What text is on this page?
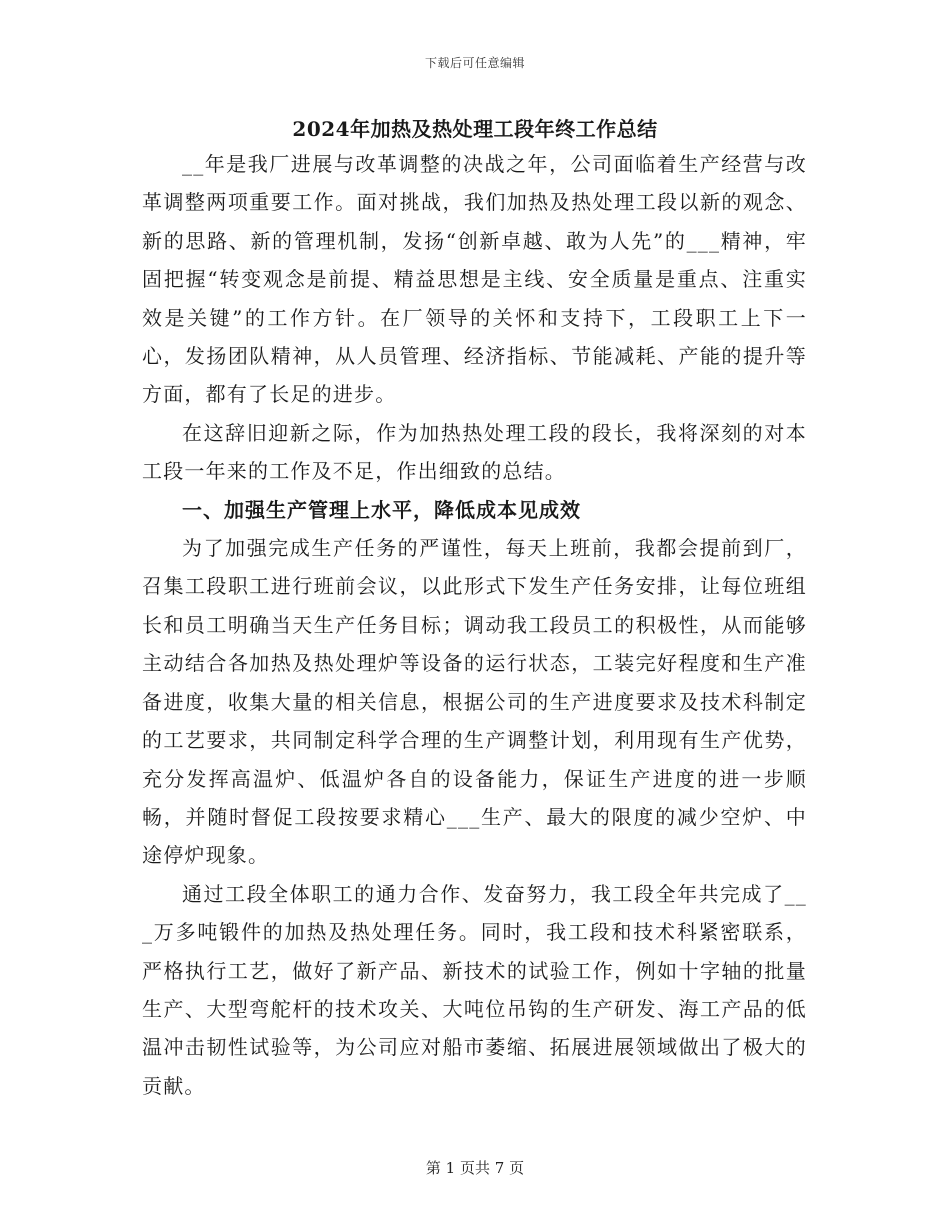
下载后可任意编辑
2024年加热及热处理工段年终工作总结

__年是我厂进展与改革调整的决战之年，公司面临着生产经营与改革调整两项重要工作。面对挑战，我们加热及热处理工段以新的观念、新的思路、新的管理机制，发扬“创新卓越、敢为人先”的___精神，牢固把握“转变观念是前提、精益思想是主线、安全质量是重点、注重实效是关键”的工作方针。在厂领导的关怀和支持下，工段职工上下一心，发扬团队精神，从人员管理、经济指标、节能减耗、产能的提升等方面，都有了长足的进步。

在这辞旧迎新之际，作为加热热处理工段的段长，我将深刻的对本工段一年来的工作及不足，作出细致的总结。

一、加强生产管理上水平，降低成本见成效

为了加强完成生产任务的严谨性，每天上班前，我都会提前到厂，召集工段职工进行班前会议，以此形式下发生产任务安排，让每位班组长和员工明确当天生产任务目标；调动我工段员工的积极性，从而能够主动结合各加热及热处理炉等设备的运行状态，工装完好程度和生产准备进度，收集大量的相关信息，根据公司的生产进度要求及技术科制定的工艺要求，共同制定科学合理的生产调整计划，利用现有生产优势，充分发挥高温炉、低温炉各自的设备能力，保证生产进度的进一步顺畅，并随时督促工段按要求精心___生产、最大的限度的减少空炉、中途停炉现象。

通过工段全体职工的通力合作、发奋努力，我工段全年共完成了___万多吨锻件的加热及热处理任务。同时，我工段和技术科紧密联系，严格执行工艺，做好了新产品、新技术的试验工作，例如十字轴的批量生产、大型弯舵杆的技术攻关、大吨位吊钩的生产研发、海工产品的低温冲击韧性试验等，为公司应对船市萎缩、拓展进展领域做出了极大的贡献。

第 1 页共 7 页
